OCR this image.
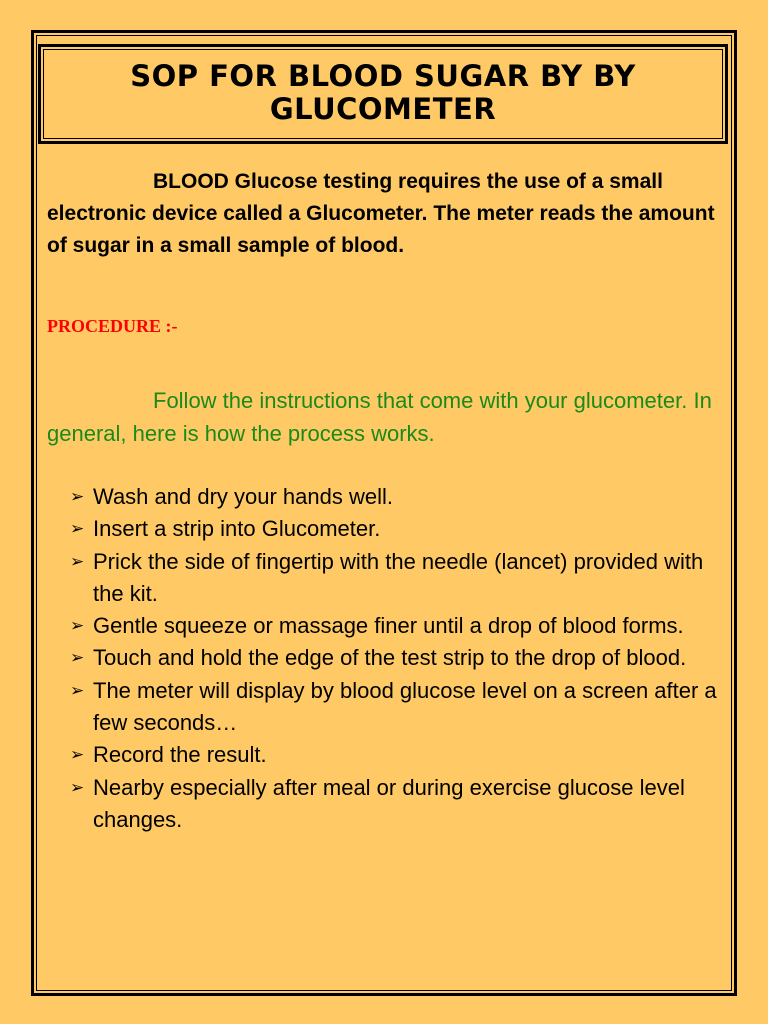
SOP FOR BLOOD SUGAR BY BY GLUCOMETER
BLOOD Glucose testing requires the use of a small electronic device called a Glucometer. The meter reads the amount of sugar in a small sample of blood.
PROCEDURE :-
Follow the instructions that come with your glucometer. In general, here is how the process works.
➢ Wash and dry your hands well.
➢ Insert a strip into Glucometer.
➢ Prick the side of fingertip with the needle (lancet) provided with the kit.
➢ Gentle squeeze or massage finer until a drop of blood forms.
➢ Touch and hold the edge of the test strip to the drop of blood.
➢ The meter will display by blood glucose level on a screen after a few seconds…
➢ Record the result.
➢ Nearby especially after meal or during exercise glucose level changes.
